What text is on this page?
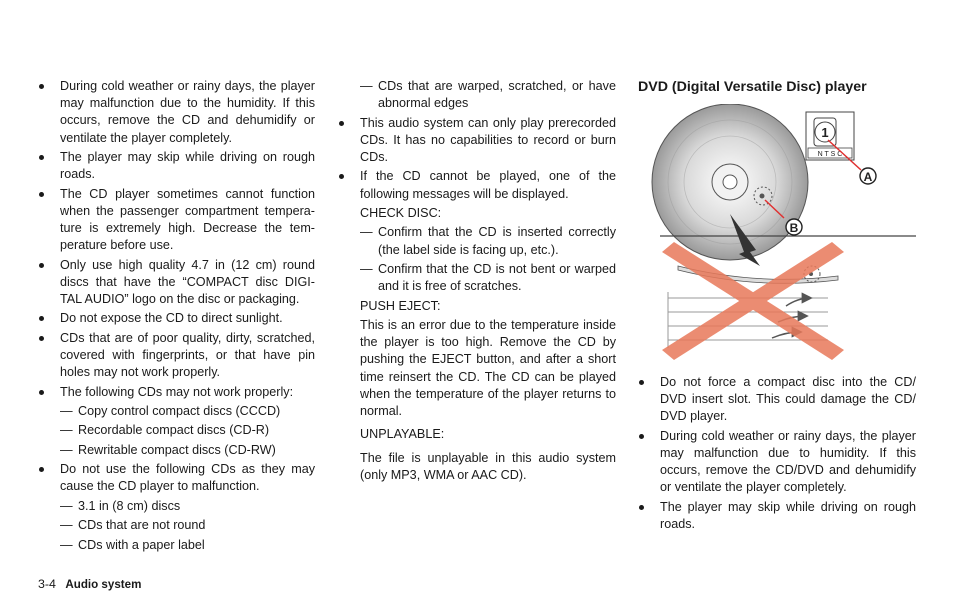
During cold weather or rainy days, the player may malfunction due to the humidity. If this occurs, remove the CD and dehumidify or ventilate the player completely.
The player may skip while driving on rough roads.
The CD player sometimes cannot function when the passenger compartment tempera-ture is extremely high. Decrease the tem-perature before use.
Only use high quality 4.7 in (12 cm) round discs that have the “COMPACT disc DIGI-TAL AUDIO” logo on the disc or packaging.
Do not expose the CD to direct sunlight.
CDs that are of poor quality, dirty, scratched, covered with fingerprints, or that have pin holes may not work properly.
The following CDs may not work properly:
— Copy control compact discs (CCCD)
— Recordable compact discs (CD-R)
— Rewritable compact discs (CD-RW)
Do not use the following CDs as they may cause the CD player to malfunction.
— 3.1 in (8 cm) discs
— CDs that are not round
— CDs with a paper label
— CDs that are warped, scratched, or have abnormal edges
This audio system can only play prerecorded CDs. It has no capabilities to record or burn CDs.
If the CD cannot be played, one of the following messages will be displayed.
CHECK DISC:
— Confirm that the CD is inserted correctly (the label side is facing up, etc.).
— Confirm that the CD is not bent or warped and it is free of scratches.
PUSH EJECT:
This is an error due to the temperature inside the player is too high. Remove the CD by pushing the EJECT button, and after a short time reinsert the CD. The CD can be played when the temperature of the player returns to normal.
UNPLAYABLE:
The file is unplayable in this audio system (only MP3, WMA or AAC CD).
DVD (Digital Versatile Disc) player
1
N T S C
A
B
Do not force a compact disc into the CD/ DVD insert slot. This could damage the CD/ DVD player.
During cold weather or rainy days, the player may malfunction due to humidity. If this occurs, remove the CD/DVD and dehumidify or ventilate the player completely.
The player may skip while driving on rough roads.
3-4 Audio system
